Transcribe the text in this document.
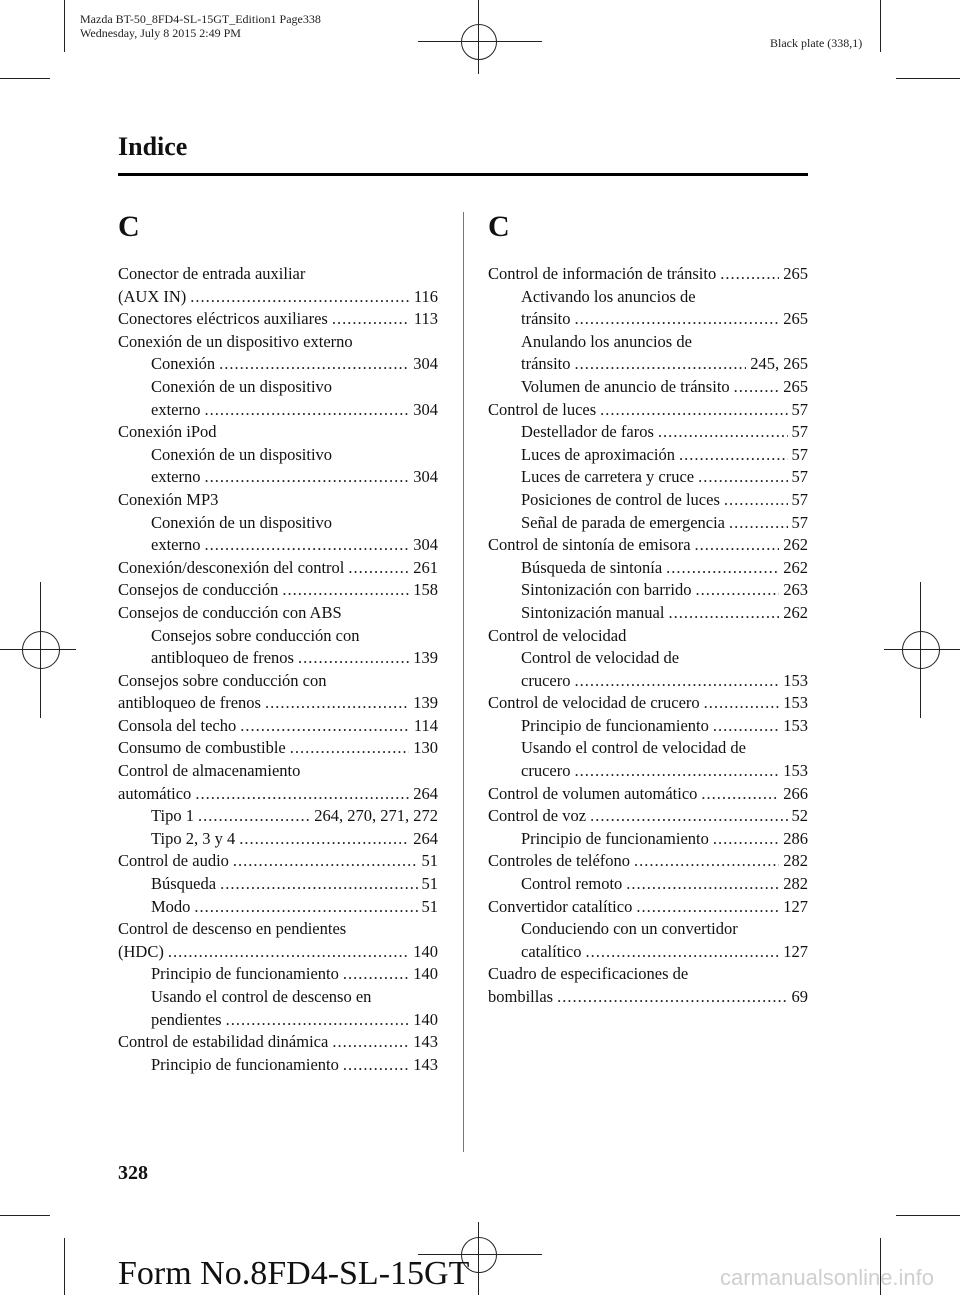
Mazda BT-50_8FD4-SL-15GT_Edition1 Page338
Wednesday, July 8 2015 2:49 PM
Black plate (338,1)
Indice
C
Conector de entrada auxiliar
(AUX IN) .....	116
Conectores eléctricos auxiliares .....	113
Conexión de un dispositivo externo
Conexión .....	304
Conexión de un dispositivo
externo .....	304
Conexión iPod
Conexión de un dispositivo
externo .....	304
Conexión MP3
Conexión de un dispositivo
externo .....	304
Conexión/desconexión del control .....	261
Consejos de conducción .....	158
Consejos de conducción con ABS
Consejos sobre conducción con
antibloqueo de frenos .....	139
Consejos sobre conducción con
antibloqueo de frenos .....	139
Consola del techo .....	114
Consumo de combustible .....	130
Control de almacenamiento
automático .....	264
Tipo 1 .....	264, 270, 271, 272
Tipo 2, 3 y 4 .....	264
Control de audio .....	51
Búsqueda .....	51
Modo .....	51
Control de descenso en pendientes
(HDC) .....	140
Principio de funcionamiento .....	140
Usando el control de descenso en
pendientes .....	140
Control de estabilidad dinámica .....	143
Principio de funcionamiento .....	143
C
Control de información de tránsito .....	265
Activando los anuncios de
tránsito .....	265
Anulando los anuncios de
tránsito .....	245, 265
Volumen de anuncio de tránsito .....	265
Control de luces .....	57
Destellador de faros .....	57
Luces de aproximación .....	57
Luces de carretera y cruce .....	57
Posiciones de control de luces .....	57
Señal de parada de emergencia .....	57
Control de sintonía de emisora .....	262
Búsqueda de sintonía .....	262
Sintonización con barrido .....	263
Sintonización manual .....	262
Control de velocidad
Control de velocidad de
crucero .....	153
Control de velocidad de crucero .....	153
Principio de funcionamiento .....	153
Usando el control de velocidad de
crucero .....	153
Control de volumen automático .....	266
Control de voz .....	52
Principio de funcionamiento .....	286
Controles de teléfono .....	282
Control remoto .....	282
Convertidor catalítico .....	127
Conduciendo con un convertidor
catalítico .....	127
Cuadro de especificaciones de
bombillas .....	69
328
Form No.8FD4-SL-15GT	carmanualsonline.info
